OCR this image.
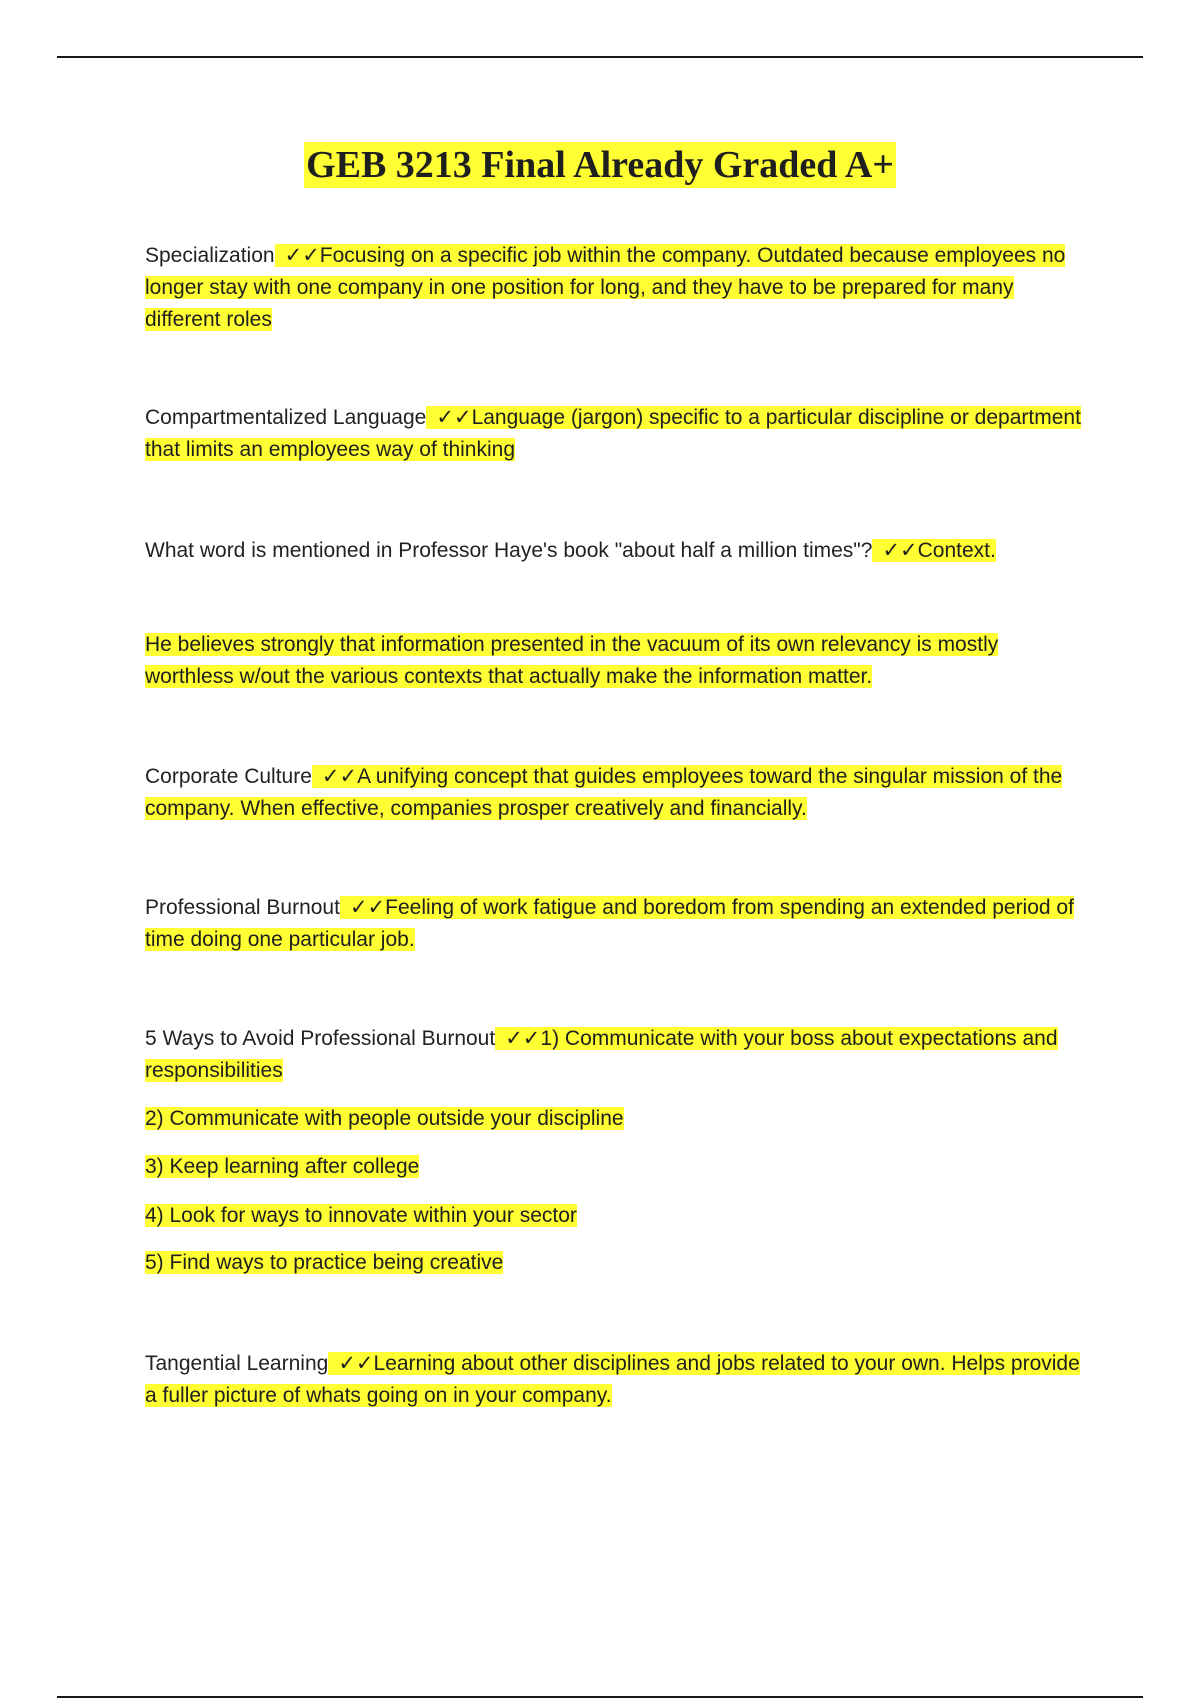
GEB 3213 Final Already Graded A+

Specialization ✓✓Focusing on a specific job within the company. Outdated because employees no longer stay with one company in one position for long, and they have to be prepared for many different roles

Compartmentalized Language ✓✓Language (jargon) specific to a particular discipline or department that limits an employees way of thinking

What word is mentioned in Professor Haye's book "about half a million times"? ✓✓Context.

He believes strongly that information presented in the vacuum of its own relevancy is mostly worthless w/out the various contexts that actually make the information matter.

Corporate Culture ✓✓A unifying concept that guides employees toward the singular mission of the company. When effective, companies prosper creatively and financially.

Professional Burnout ✓✓Feeling of work fatigue and boredom from spending an extended period of time doing one particular job.

5 Ways to Avoid Professional Burnout ✓✓1) Communicate with your boss about expectations and responsibilities

2) Communicate with people outside your discipline

3) Keep learning after college

4) Look for ways to innovate within your sector

5) Find ways to practice being creative

Tangential Learning ✓✓Learning about other disciplines and jobs related to your own. Helps provide a fuller picture of whats going on in your company.
